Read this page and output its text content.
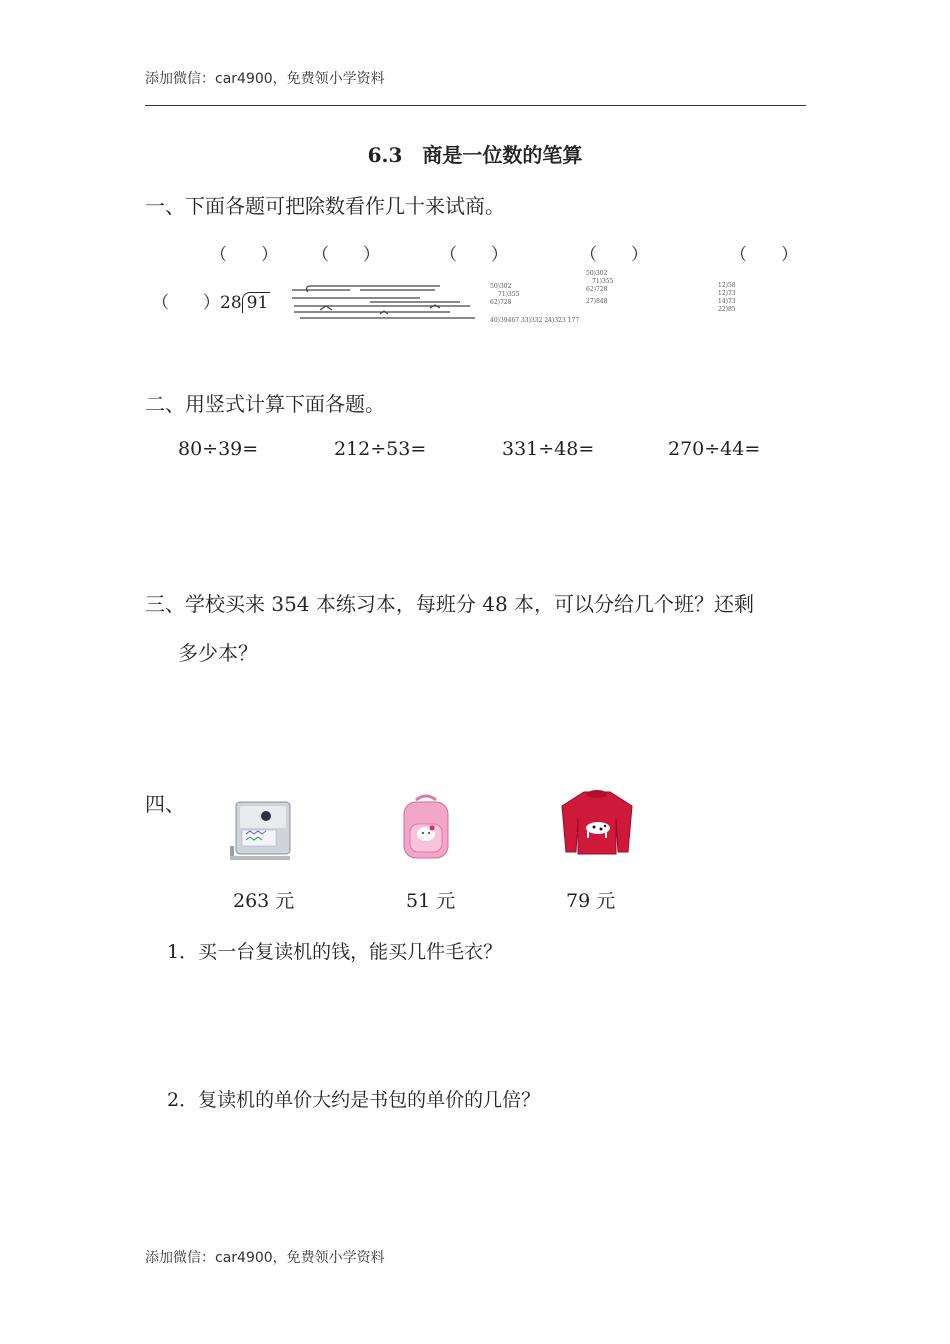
添加微信：car4900，免费领小学资料
6.3　商是一位数的笔算
一、下面各题可把除数看作几十来试商。
（　　） （　　）	（　　）	（　　）	（　　）
（　　）28 91
50)302
71)355
62)728
40)39467 33)332 24)323 177
50)302
71)355
62)728
27)848
12)58
12)73
14)73
22)85
二、用竖式计算下面各题。
80÷39=	212÷53=	331÷48=	270÷44=
三、学校买来 354 本练习本，每班分 48 本，可以分给几个班？还剩
多少本？
四、
263 元	51 元	79 元
1．买一台复读机的钱，能买几件毛衣？
2．复读机的单价大约是书包的单价的几倍？
添加微信：car4900，免费领小学资料
